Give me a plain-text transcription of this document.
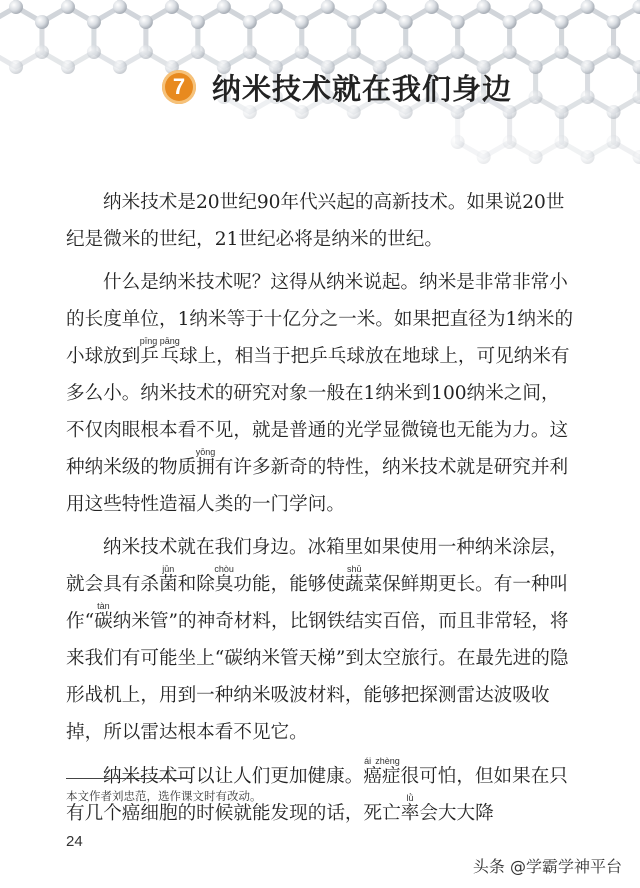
7 纳米技术就在我们身边

纳米技术是20世纪90年代兴起的高新技术。如果说20世纪是微米的世纪，21世纪必将是纳米的世纪。

什么是纳米技术呢？这得从纳米说起。纳米是非常非常小的长度单位，1纳米等于十亿分之一米。如果把直径为1纳米的小球放到乒乓pīng pāng球上，相当于把乒乓球放在地球上，可见纳米有多么小。纳米技术的研究对象一般在1纳米到100纳米之间，不仅肉眼根本看不见，就是普通的光学显微镜也无能为力。这种纳米级的物质拥yōng有许多新奇的特性，纳米技术就是研究并利用这些特性造福人类的一门学问。

纳米技术就在我们身边。冰箱里如果使用一种纳米涂层，就会具有杀菌jūn和除臭chòu功能，能够使蔬shū菜保鲜期更长。有一种叫作“碳tàn纳米管”的神奇材料，比钢铁结实百倍，而且非常轻，将来我们有可能坐上“碳纳米管天梯”到太空旅行。在最先进的隐形战机上，用到一种纳米吸波材料，能够把探测雷达波吸收掉，所以雷达根本看不见它。

纳米技术可以让人们更加健康。癌症ái zhèng很可怕，但如果在只有几个癌细胞的时候就能发现的话，死亡率lǜ会大大降

本文作者刘忠范，选作课文时有改动。
24
头条 @学霸学神平台
